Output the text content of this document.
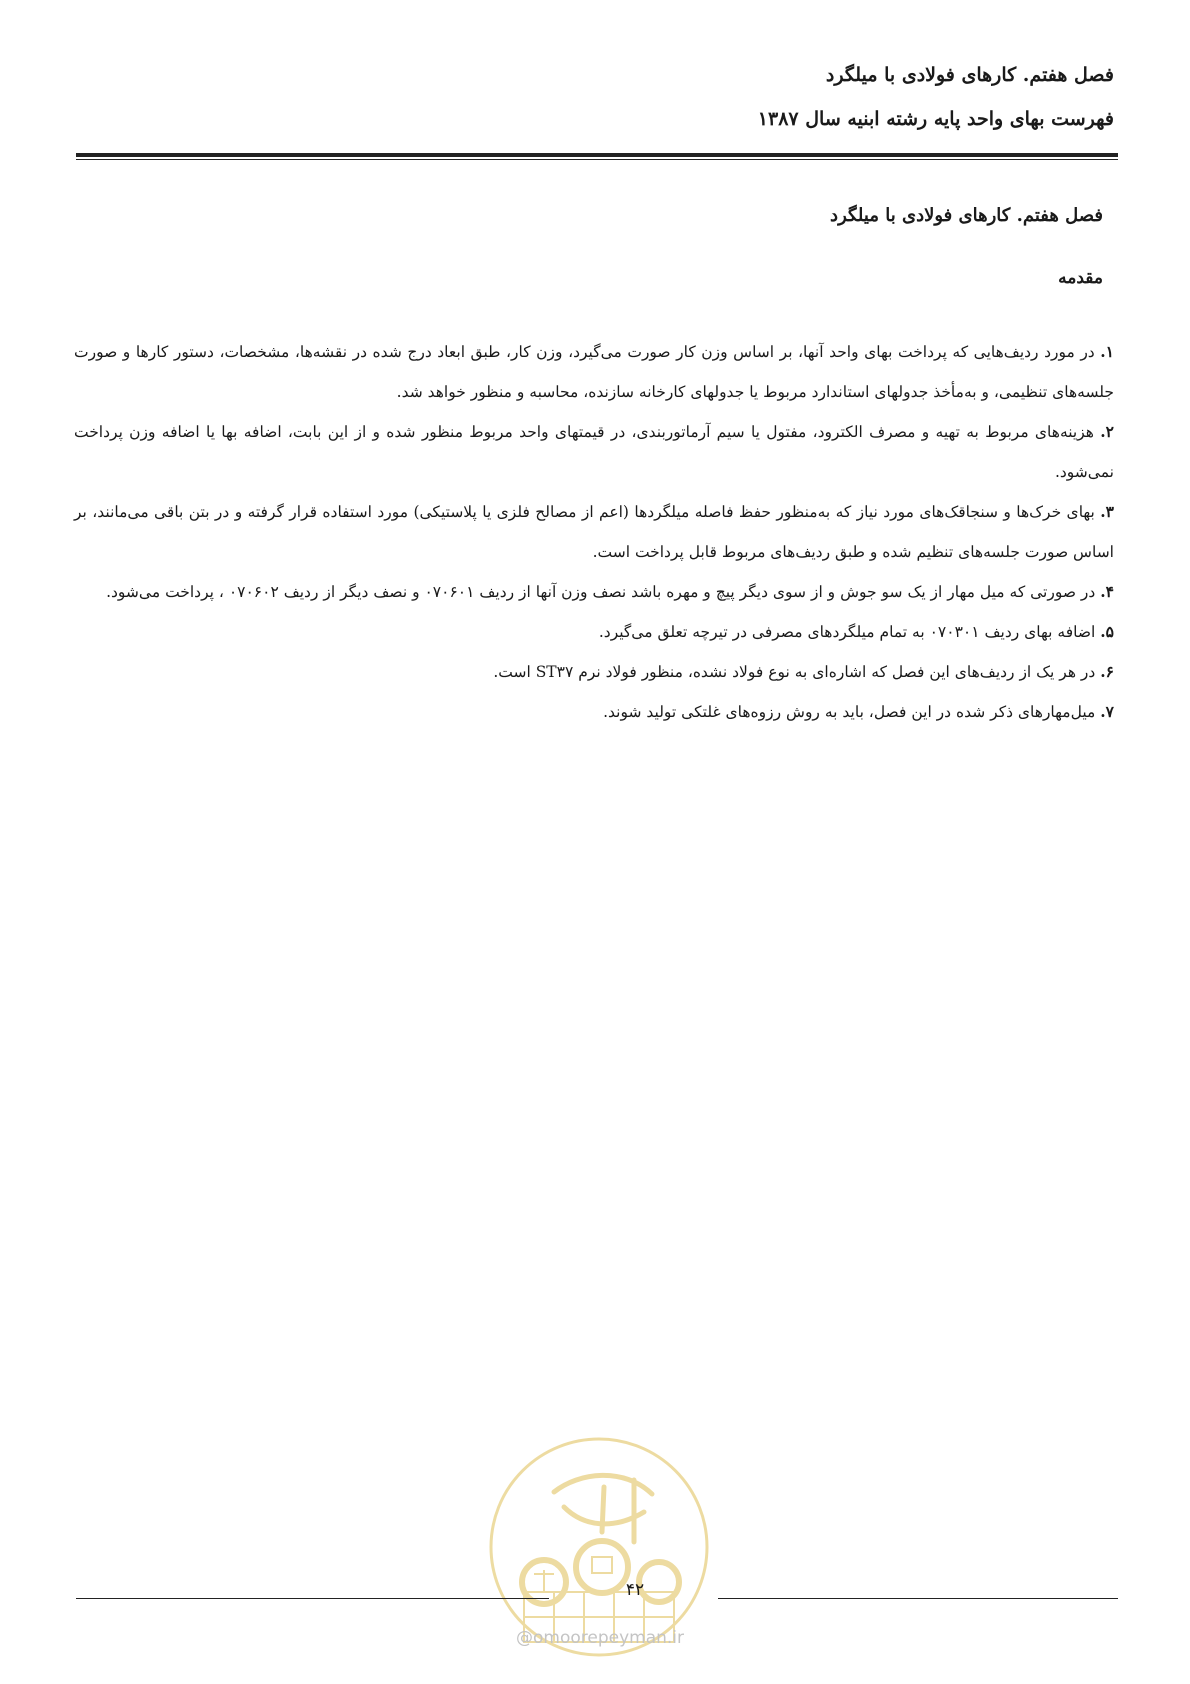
فصل هفتم. کارهای فولادی با میلگرد
فهرست بهای واحد پایه رشته ابنیه سال ۱۳۸۷
فصل هفتم. کارهای فولادی با میلگرد
مقدمه

۱. در مورد ردیف‌هایی که پرداخت بهای واحد آنها، بر اساس وزن کار صورت می‌گیرد، وزن کار، طبق ابعاد درج شده در نقشه‌ها، مشخصات، دستور کارها و صورت جلسه‌های تنظیمی، و به‌مأخذ جدولهای استاندارد مربوط یا جدولهای کارخانه سازنده، محاسبه و منظور خواهد شد.

۲. هزینه‌های مربوط به تهیه و مصرف الکترود، مفتول یا سیم آرماتوربندی، در قیمتهای واحد مربوط منظور شده و از این بابت، اضافه بها یا اضافه وزن پرداخت نمی‌شود.

۳. بهای خرک‌ها و سنجاقک‌های مورد نیاز که به‌منظور حفظ فاصله میلگردها (اعم از مصالح فلزی یا پلاستیکی) مورد استفاده قرار گرفته و در بتن باقی می‌مانند، بر اساس صورت جلسه‌های تنظیم شده و طبق ردیف‌های مربوط قابل پرداخت است.

۴. در صورتی که میل مهار از یک سو جوش و از سوی دیگر پیچ و مهره باشد نصف وزن آنها از ردیف ۰۷۰۶۰۱ و نصف دیگر از ردیف ۰۷۰۶۰۲ ، پرداخت می‌شود.

۵. اضافه بهای ردیف ۰۷۰۳۰۱ به تمام میلگردهای مصرفی در تیرچه تعلق می‌گیرد.

۶. در هر یک از ردیف‌های این فصل که اشاره‌ای به نوع فولاد نشده، منظور فولاد نرم ST۳۷ است.

۷. میل‌مهارهای ذکر شده در این فصل، باید به روش رزوه‌های غلتکی تولید شوند.

۴۲
@omoorepeyman.ir
